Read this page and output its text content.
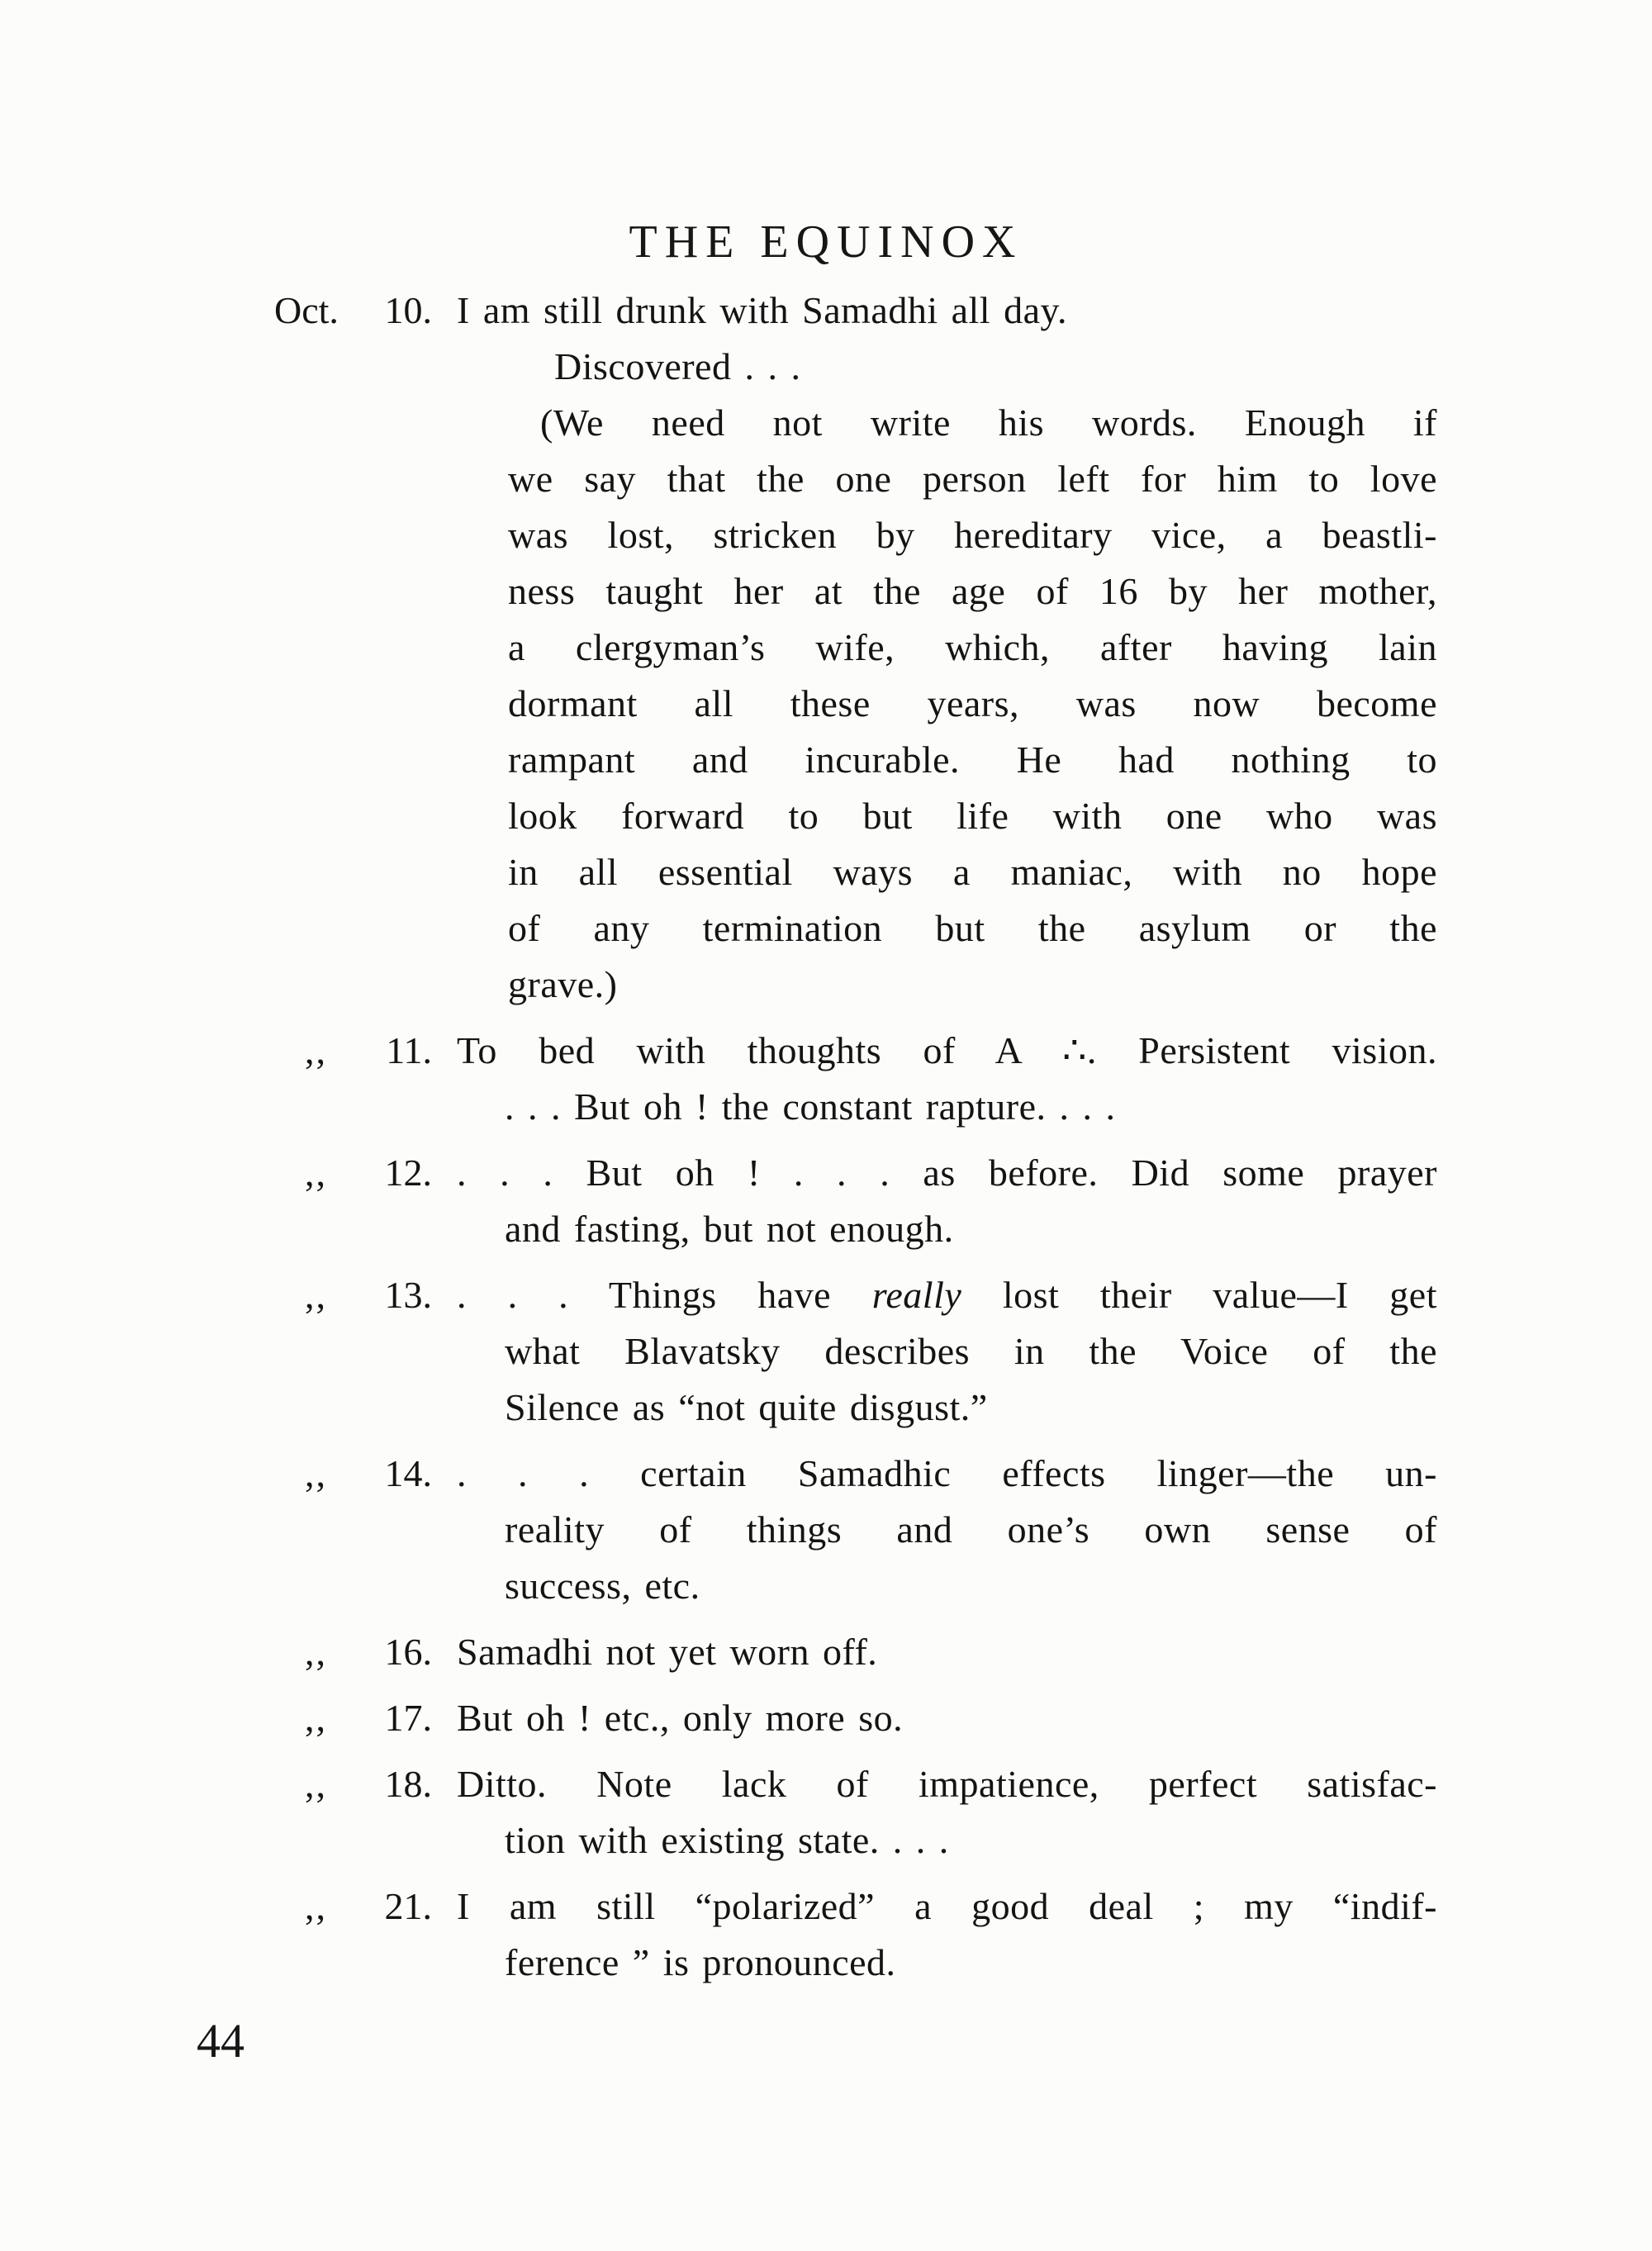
THE EQUINOX
Oct. 10. I am still drunk with Samadhi all day.
Discovered . . .
(We need not write his words. Enough if
we say that the one person left for him to love
was lost, stricken by hereditary vice, a beastli-
ness taught her at the age of 16 by her mother,
a clergyman’s wife, which, after having lain
dormant all these years, was now become
rampant and incurable. He had nothing to
look forward to but life with one who was
in all essential ways a maniac, with no hope
of any termination but the asylum or the
grave.)
,, 11. To bed with thoughts of A ∴. Persistent vision.
. . . But oh ! the constant rapture. . . .
,, 12. . . . But oh ! . . . as before. Did some prayer
and fasting, but not enough.
,, 13. . . . Things have really lost their value—I get
what Blavatsky describes in the Voice of the
Silence as “not quite disgust.”
,, 14. . . . certain Samadhic effects linger—the un-
reality of things and one’s own sense of
success, etc.
,, 16. Samadhi not yet worn off.
,, 17. But oh ! etc., only more so.
,, 18. Ditto. Note lack of impatience, perfect satisfac-
tion with existing state. . . .
,, 21. I am still “polarized” a good deal ; my “indif-
ference ” is pronounced.
44
